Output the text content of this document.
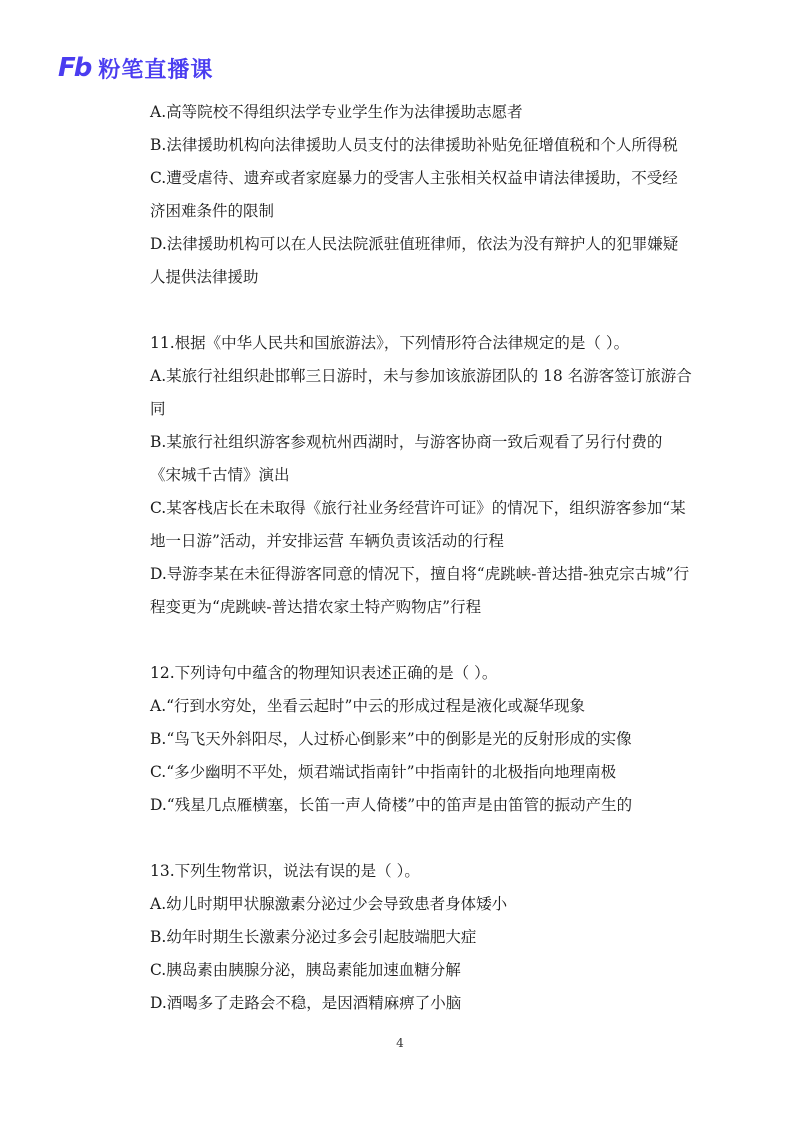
Fb 粉笔直播课

A.高等院校不得组织法学专业学生作为法律援助志愿者

B.法律援助机构向法律援助人员支付的法律援助补贴免征增值税和个人所得税

C.遭受虐待、遗弃或者家庭暴力的受害人主张相关权益申请法律援助，不受经济困难条件的限制

D.法律援助机构可以在人民法院派驻值班律师，依法为没有辩护人的犯罪嫌疑人提供法律援助

11.根据《中华人民共和国旅游法》，下列情形符合法律规定的是（ ）。

A.某旅行社组织赴邯郸三日游时，未与参加该旅游团队的 18 名游客签订旅游合同

B.某旅行社组织游客参观杭州西湖时，与游客协商一致后观看了另行付费的《宋城千古情》演出

C.某客栈店长在未取得《旅行社业务经营许可证》的情况下，组织游客参加“某地一日游”活动，并安排运营 车辆负责该活动的行程

D.导游李某在未征得游客同意的情况下，擅自将“虎跳峡-普达措-独克宗古城”行程变更为“虎跳峡-普达措农家土特产购物店”行程

12.下列诗句中蕴含的物理知识表述正确的是（ ）。

A.“行到水穷处，坐看云起时”中云的形成过程是液化或凝华现象

B.“鸟飞天外斜阳尽，人过桥心倒影来”中的倒影是光的反射形成的实像

C.“多少幽明不平处，烦君端试指南针”中指南针的北极指向地理南极

D.“残星几点雁横塞，长笛一声人倚楼”中的笛声是由笛管的振动产生的

13.下列生物常识，说法有误的是（ ）。

A.幼儿时期甲状腺激素分泌过少会导致患者身体矮小

B.幼年时期生长激素分泌过多会引起肢端肥大症

C.胰岛素由胰腺分泌，胰岛素能加速血糖分解

D.酒喝多了走路会不稳，是因酒精麻痹了小脑

4
